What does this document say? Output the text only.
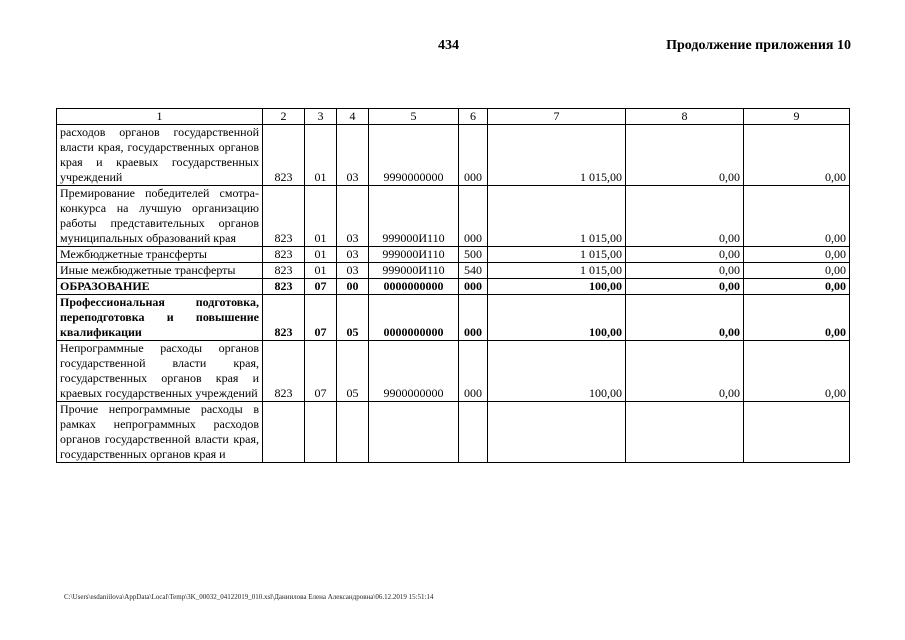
434	Продолжение приложения 10
1	2	3	4	5	6	7	8	9
расходов органов государственной власти края, государственных органов края и краевых государственных учреждений	823	01	03	9990000000	000	1 015,00	0,00	0,00
Премирование победителей смотра-конкурса на лучшую организацию работы представительных органов муниципальных образований края	823	01	03	999000И110	000	1 015,00	0,00	0,00
Межбюджетные трансферты	823	01	03	999000И110	500	1 015,00	0,00	0,00
Иные межбюджетные трансферты	823	01	03	999000И110	540	1 015,00	0,00	0,00
ОБРАЗОВАНИЕ	823	07	00	0000000000	000	100,00	0,00	0,00
Профессиональная подготовка, переподготовка и повышение квалификации	823	07	05	0000000000	000	100,00	0,00	0,00
Непрограммные расходы органов государственной власти края, государственных органов края и краевых государственных учреждений	823	07	05	9900000000	000	100,00	0,00	0,00
Прочие непрограммные расходы в рамках непрограммных расходов органов государственной власти края, государственных органов края и								
C:\Users\esdaniilova\AppData\Local\Temp\3K_00032_04122019_010.xsl\Даниилова Елена Александровна\06.12.2019 15:51:14
